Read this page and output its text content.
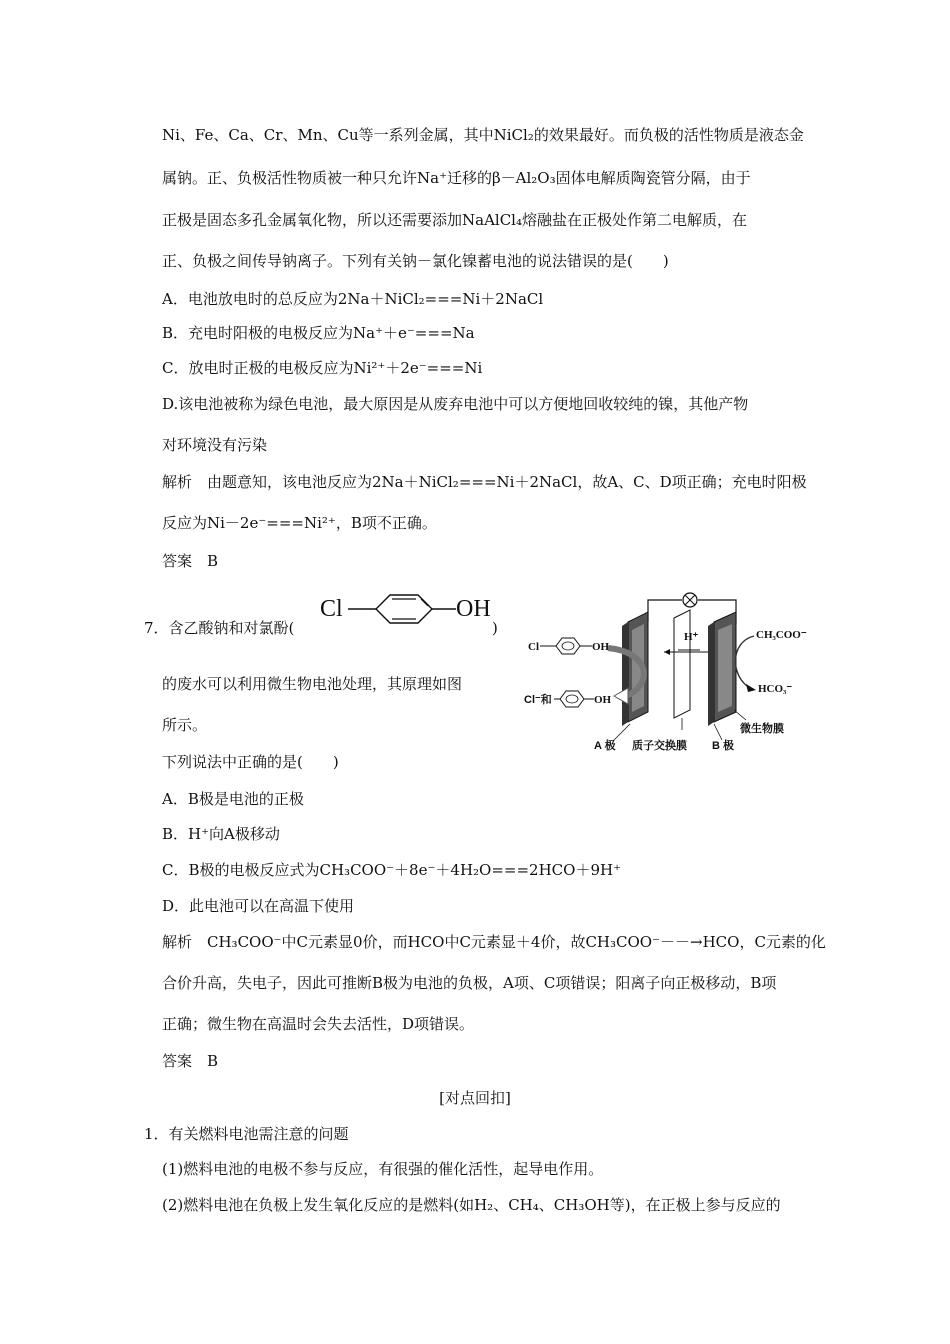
Ni、Fe、Ca、Cr、Mn、Cu等一系列金属，其中NiCl₂的效果最好。而负极的活性物质是液态金
属钠。正、负极活性物质被一种只允许Na⁺迁移的β－Al₂O₃固体电解质陶瓷管分隔，由于
正极是固态多孔金属氧化物，所以还需要添加NaAlCl₄熔融盐在正极处作第二电解质，在
正、负极之间传导钠离子。下列有关钠－氯化镍蓄电池的说法错误的是(　　)
A．电池放电时的总反应为2Na＋NiCl₂===Ni＋2NaCl
B．充电时阳极的电极反应为Na⁺＋e⁻===Na
C．放电时正极的电极反应为Ni²⁺＋2e⁻===Ni
D.该电池被称为绿色电池，最大原因是从废弃电池中可以方便地回收较纯的镍，其他产物
对环境没有污染
解析　由题意知，该电池反应为2Na＋NiCl₂===Ni＋2NaCl，故A、C、D项正确；充电时阳极
反应为Ni－2e⁻===Ni²⁺，B项不正确。
答案　B
7．含乙酸钠和对氯酚(
Cl	OH
)
的废水可以利用微生物电池处理，其原理如图
所示。
下列说法中正确的是(　　)
H⁺
Cl	OH
Cl⁻和	OH
CH₃COO⁻
HCO₃⁻
微生物膜
A 极 质子交换膜 B 极
A．B极是电池的正极
B．H⁺向A极移动
C．B极的电极反应式为CH₃COO⁻＋8e⁻＋4H₂O===2HCO＋9H⁺
D．此电池可以在高温下使用
解析　CH₃COO⁻中C元素显0价，而HCO中C元素显＋4价，故CH₃COO⁻－－→HCO，C元素的化
合价升高，失电子，因此可推断B极为电池的负极，A项、C项错误；阳离子向正极移动，B项
正确；微生物在高温时会失去活性，D项错误。
答案　B
[对点回扣]
1．有关燃料电池需注意的问题
(1)燃料电池的电极不参与反应，有很强的催化活性，起导电作用。
(2)燃料电池在负极上发生氧化反应的是燃料(如H₂、CH₄、CH₃OH等)，在正极上参与反应的
